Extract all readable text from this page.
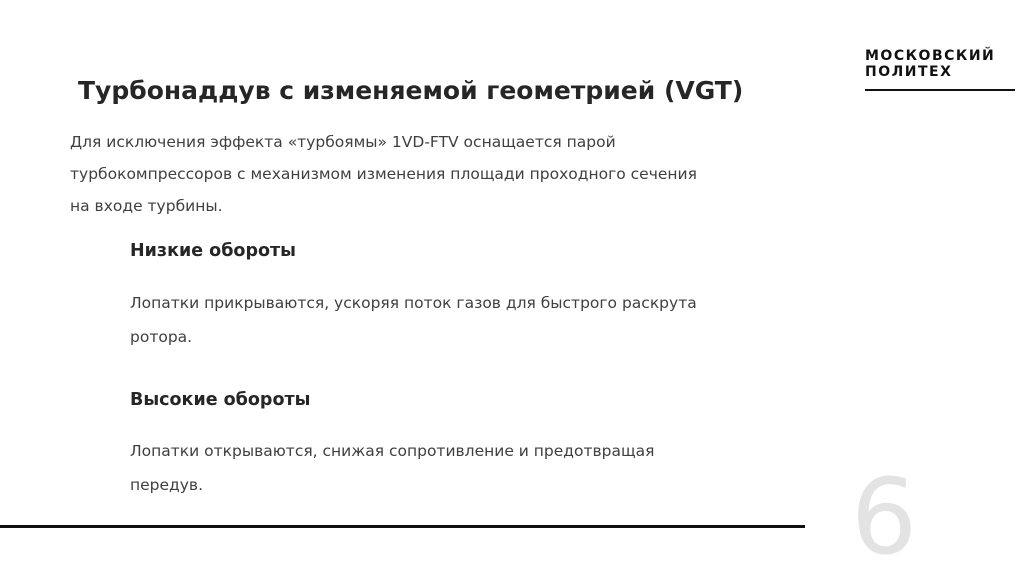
МОСКОВСКИЙ
ПОЛИТЕХ
Турбонаддув с изменяемой геометрией (VGT)

Для исключения эффекта «турбоямы» 1VD-FTV оснащается парой турбокомпрессоров с механизмом изменения площади проходного сечения на входе турбины.

Низкие обороты

Лопатки прикрываются, ускоряя поток газов для быстрого раскрута ротора.

Высокие обороты

Лопатки открываются, снижая сопротивление и предотвращая передув.	6
